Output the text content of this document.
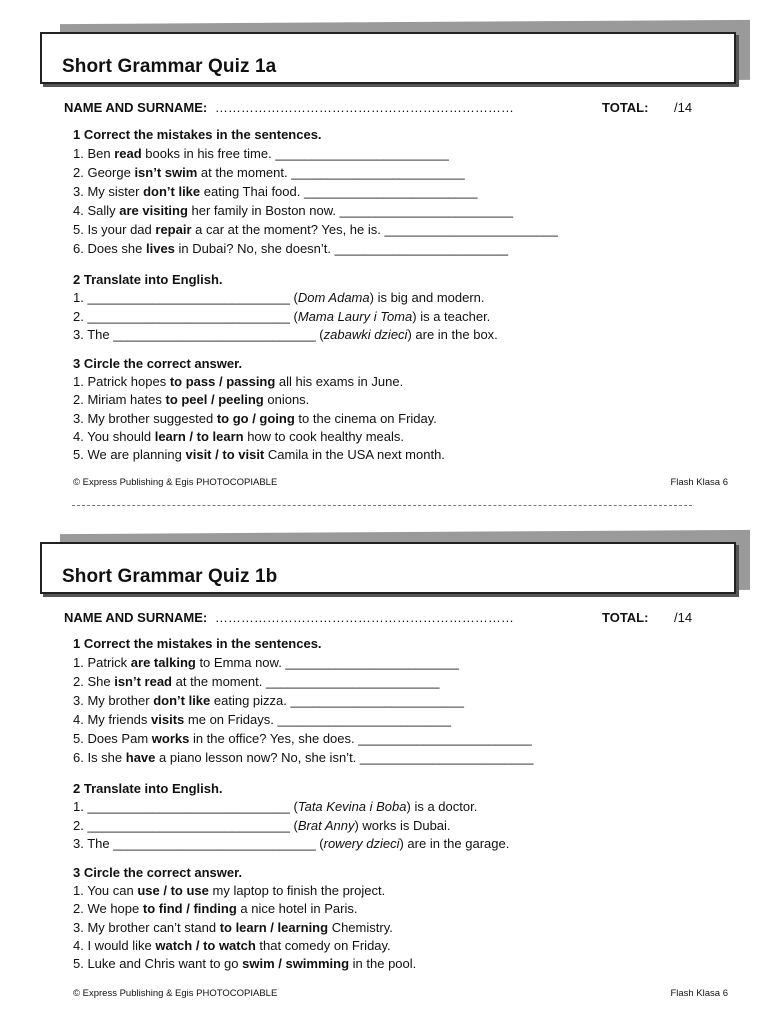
Short Grammar Quiz 1a
NAME AND SURNAME: ……………………………………………………………	TOTAL: /14
1 Correct the mistakes in the sentences.
1. Ben read books in his free time. ________________________
2. George isn’t swim at the moment. ________________________
3. My sister don’t like eating Thai food. ________________________
4. Sally are visiting her family in Boston now. ________________________
5. Is your dad repair a car at the moment? Yes, he is. ________________________
6. Does she lives in Dubai? No, she doesn’t. ________________________
2 Translate into English.
1. ____________________________ (Dom Adama) is big and modern.
2. ____________________________ (Mama Laury i Toma) is a teacher.
3. The ____________________________ (zabawki dzieci) are in the box.
3 Circle the correct answer.
1. Patrick hopes to pass / passing all his exams in June.
2. Miriam hates to peel / peeling onions.
3. My brother suggested to go / going to the cinema on Friday.
4. You should learn / to learn how to cook healthy meals.
5. We are planning visit / to visit Camila in the USA next month.
© Express Publishing & Egis PHOTOCOPIABLE	Flash Klasa 6
Short Grammar Quiz 1b
NAME AND SURNAME: ……………………………………………………………	TOTAL: /14
1 Correct the mistakes in the sentences.
1. Patrick are talking to Emma now. ________________________
2. She isn’t read at the moment. ________________________
3. My brother don’t like eating pizza. ________________________
4. My friends visits me on Fridays. ________________________
5. Does Pam works in the office? Yes, she does. ________________________
6. Is she have a piano lesson now? No, she isn’t. ________________________
2 Translate into English.
1. ____________________________ (Tata Kevina i Boba) is a doctor.
2. ____________________________ (Brat Anny) works is Dubai.
3. The ____________________________ (rowery dzieci) are in the garage.
3 Circle the correct answer.
1. You can use / to use my laptop to finish the project.
2. We hope to find / finding a nice hotel in Paris.
3. My brother can’t stand to learn / learning Chemistry.
4. I would like watch / to watch that comedy on Friday.
5. Luke and Chris want to go swim / swimming in the pool.
© Express Publishing & Egis PHOTOCOPIABLE	Flash Klasa 6
